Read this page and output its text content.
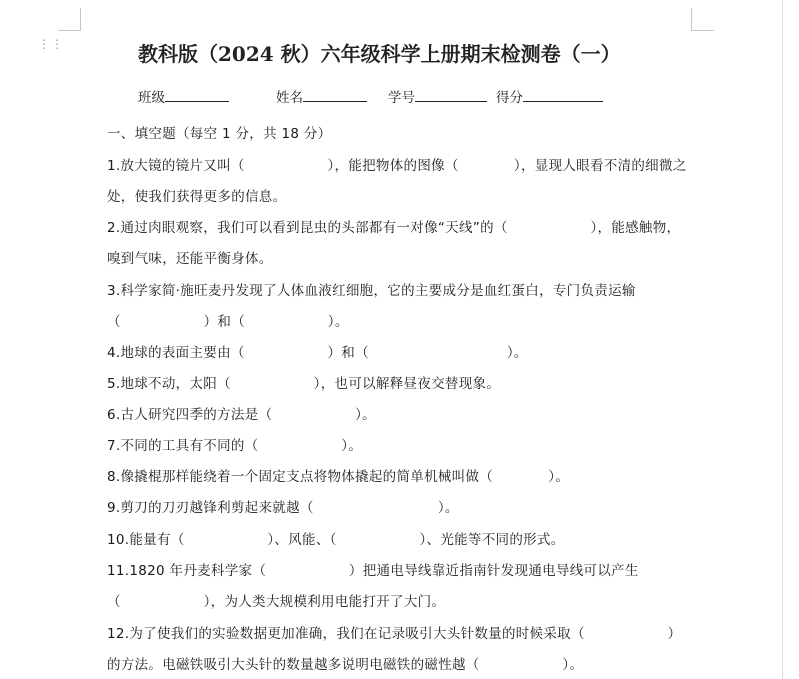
⋮⋮	教科版（2024 秋）六年级科学上册期末检测卷（一）
班级	姓名	学号	得分
一、填空题（每空 1 分，共 18 分）
1.放大镜的镜片又叫（　　　　　　），能把物体的图像（　　　　），显现人眼看不清的细微之
处，使我们获得更多的信息。
2.通过肉眼观察，我们可以看到昆虫的头部都有一对像“天线”的（　　　　　　），能感触物，
嗅到气味，还能平衡身体。
3.科学家简·施旺麦丹发现了人体血液红细胞，它的主要成分是血红蛋白，专门负责运输
（　　　　　　）和（　　　　　　）。
4.地球的表面主要由（　　　　　　）和（　　　　　　　　　　）。
5.地球不动，太阳（　　　　　　），也可以解释昼夜交替现象。
6.古人研究四季的方法是（　　　　　　）。
7.不同的工具有不同的（　　　　　　）。
8.像撬棍那样能绕着一个固定支点将物体撬起的简单机械叫做（　　　　）。
9.剪刀的刀刃越锋利剪起来就越（　　　　　　　　　）。
10.能量有（　　　　　　）、风能、（　　　　　　）、光能等不同的形式。
11.1820 年丹麦科学家（　　　　　　）把通电导线靠近指南针发现通电导线可以产生
（　　　　　　），为人类大规模利用电能打开了大门。
12.为了使我们的实验数据更加准确，我们在记录吸引大头针数量的时候采取（　　　　　　）
的方法。电磁铁吸引大头针的数量越多说明电磁铁的磁性越（　　　　　　）。
